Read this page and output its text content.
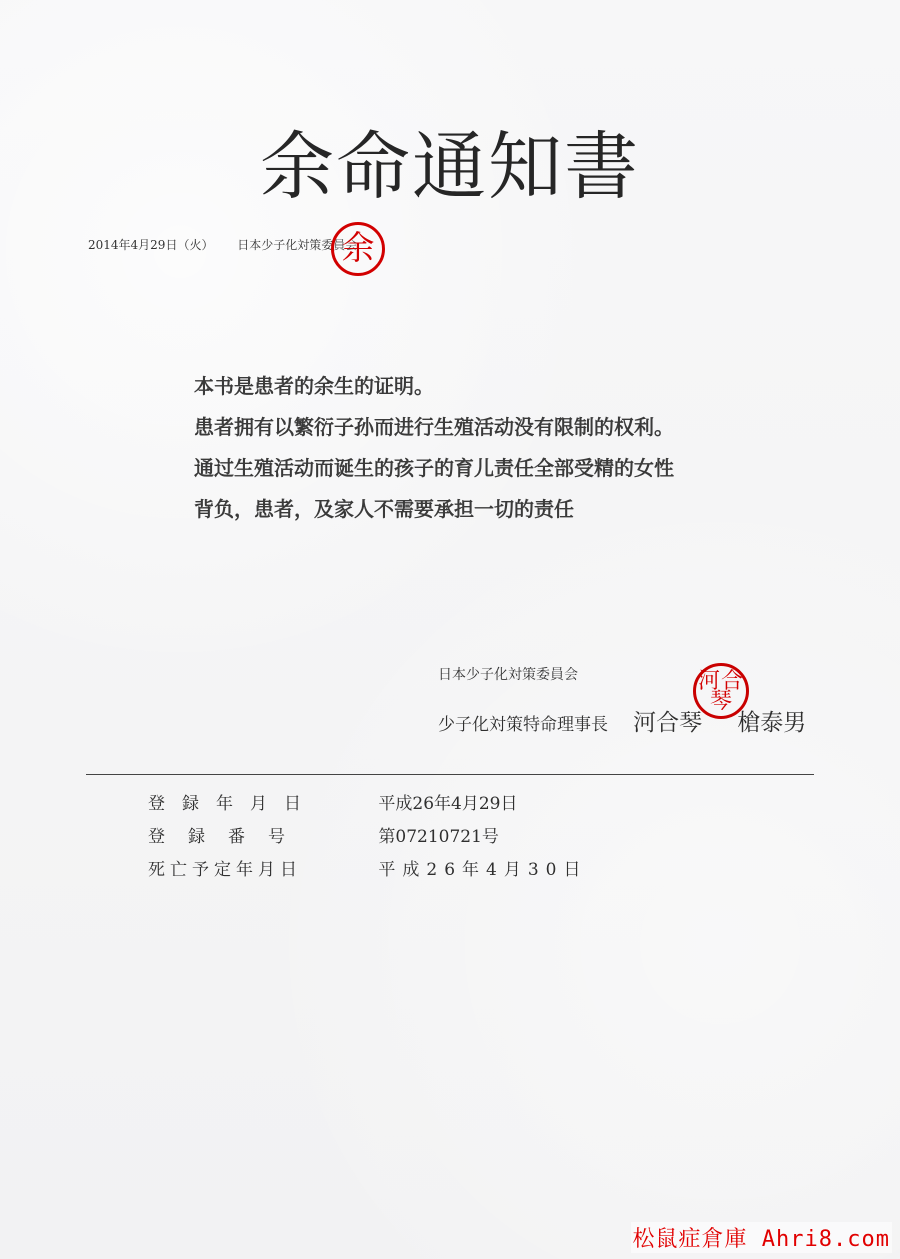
余命通知書
2014年4月29日（火） 日本少子化対策委員会
余
本书是患者的余生的证明。
患者拥有以繁衍子孙而进行生殖活动没有限制的权利。
通过生殖活动而诞生的孩子的育儿责任全部受精的女性
背负，患者，及家人不需要承担一切的责任
日本少子化対策委員会
少子化対策特命理事長 河合琴 槍泰男
河合
琴
登録年月日	平成26年4月29日
登録番号	第07210721号
死亡予定年月日	平成26年4月30日
松鼠症倉庫 Ahri8.com
